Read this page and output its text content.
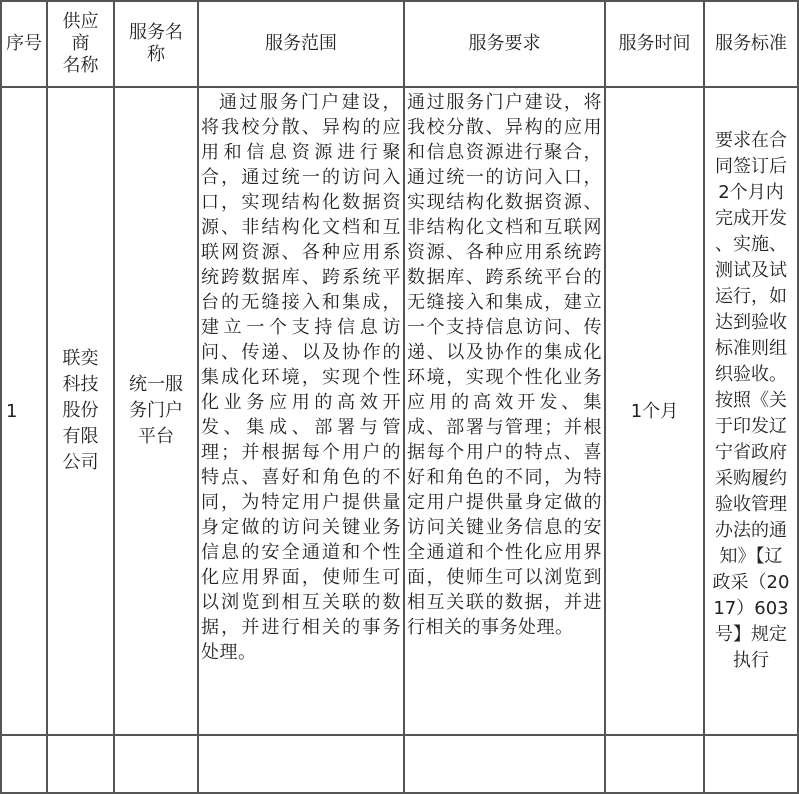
序号
供应
商
名称
服务名
称
服务范围	服务要求	服务时间 服务标准
1
联奕
科技
股份
有限
公司
统一服
务门户
平台
通过服务门户建设，将我校分散、异构的应用和信息资源进行聚合，通过统一的访问入口，实现结构化数据资源、非结构化文档和互联网资源、各种应用系统跨数据库、跨系统平台的无缝接入和集成，建立一个支持信息访问、传递、以及协作的集成化环境，实现个性化业务应用的高效开发、集成、部署与管理；并根据每个用户的特点、喜好和角色的不同，为特定用户提供量身定做的访问关键业务信息的安全通道和个性化应用界面，使师生可以浏览到相互关联的数据，并进行相关的事务处理。
通过服务门户建设，将我校分散、异构的应用和信息资源进行聚合，通过统一的访问入口，实现结构化数据资源、非结构化文档和互联网资源、各种应用系统跨数据库、跨系统平台的无缝接入和集成，建立一个支持信息访问、传递、以及协作的集成化环境，实现个性化业务应用的高效开发、集成、部署与管理；并根据每个用户的特点、喜好和角色的不同，为特定用户提供量身定做的访问关键业务信息的安全通道和个性化应用界面，使师生可以浏览到相互关联的数据，并进行相关的事务处理。
1个月
要求在合
同签订后
2个月内
完成开发
、实施、
测试及试
运行，如
达到验收
标准则组
织验收。
按照《关
于印发辽
宁省政府
采购履约
验收管理
办法的通
知》【辽
政采（20
17）603
号】规定
执行
